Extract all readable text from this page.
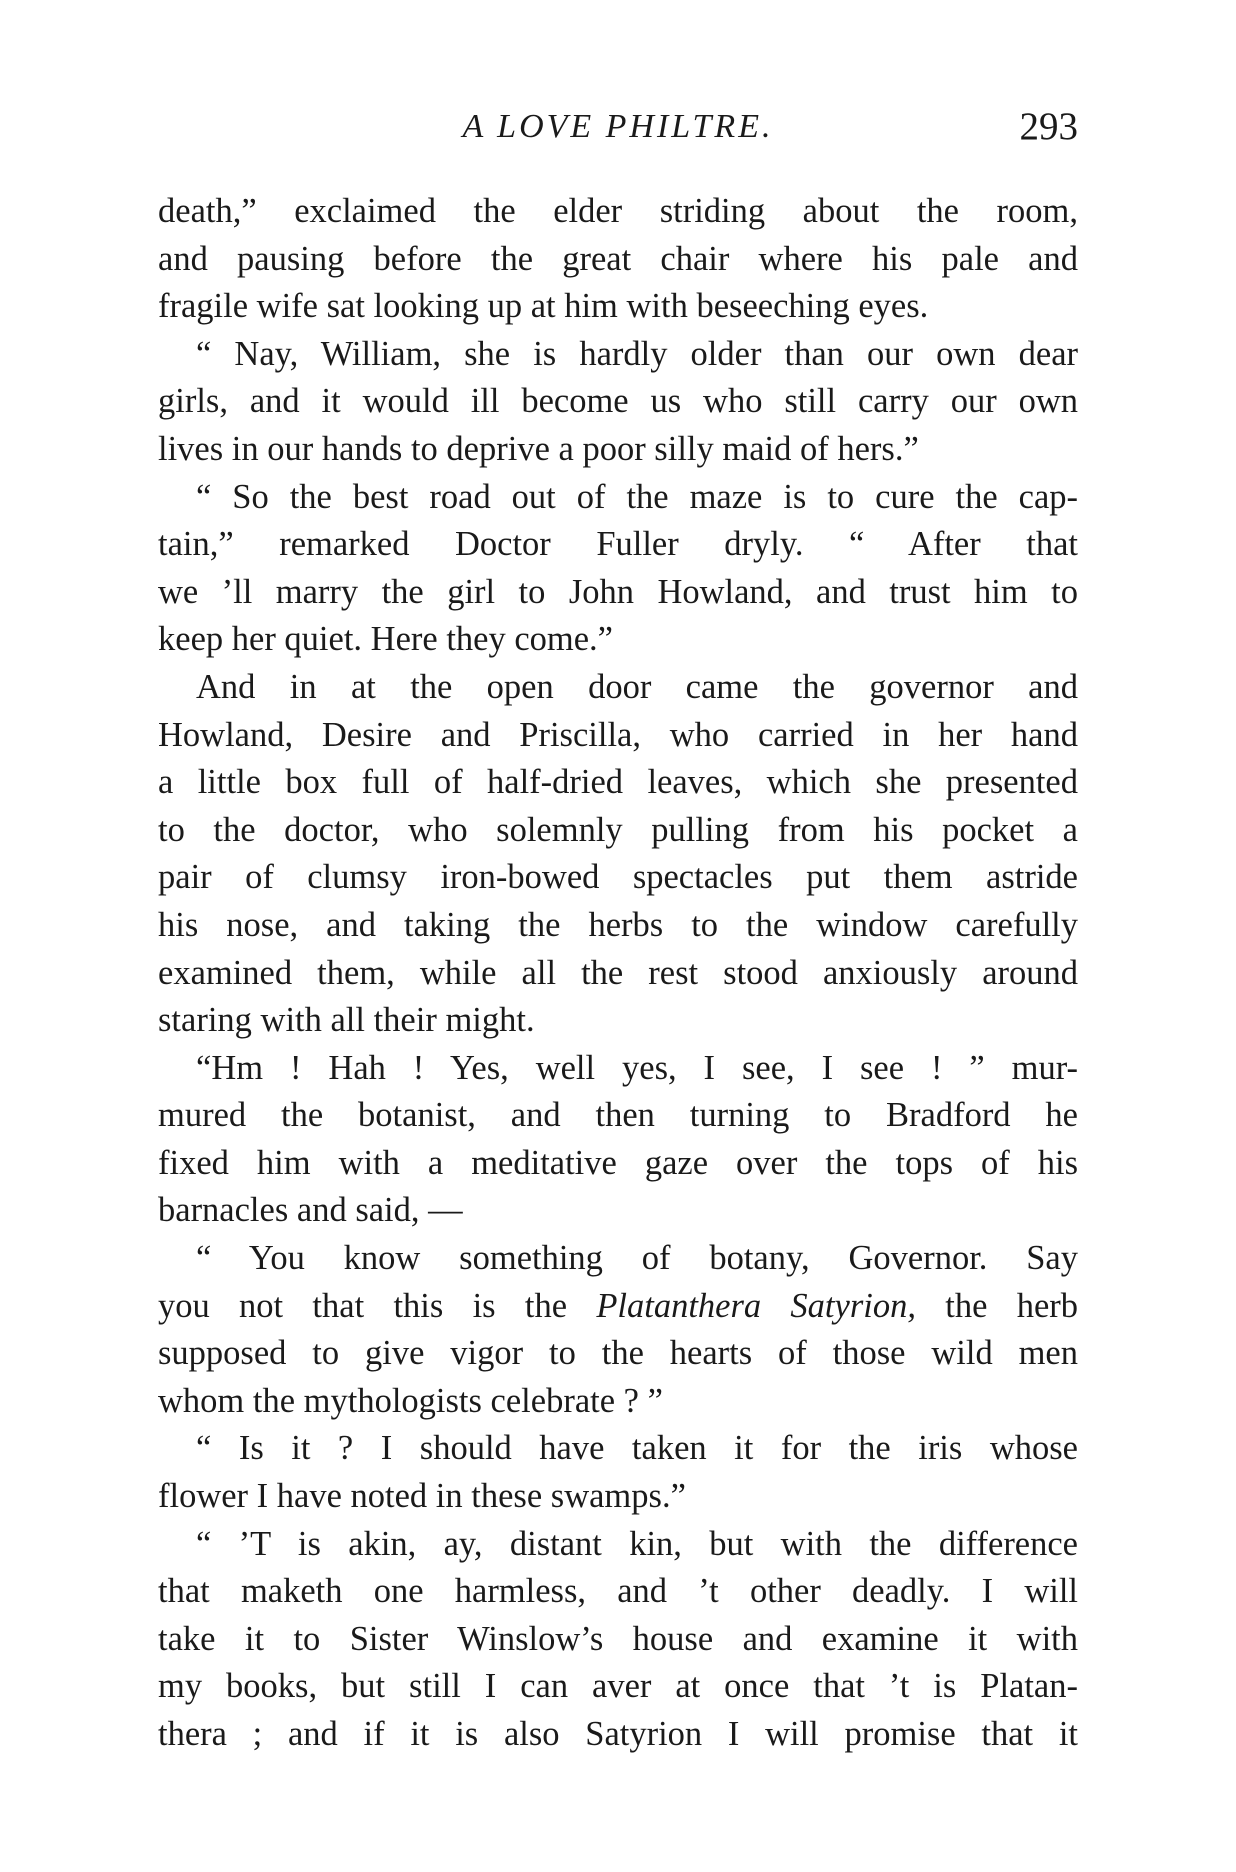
A LOVE PHILTRE.	293

death,” exclaimed the elder striding about the room,

and pausing before the great chair where his pale and

fragile wife sat looking up at him with beseeching eyes.

“ Nay, William, she is hardly older than our own dear

girls, and it would ill become us who still carry our own

lives in our hands to deprive a poor silly maid of hers.”

“ So the best road out of the maze is to cure the cap-

tain,” remarked Doctor Fuller dryly. “ After that

we ’ll marry the girl to John Howland, and trust him to

keep her quiet. Here they come.”

And in at the open door came the governor and

Howland, Desire and Priscilla, who carried in her hand

a little box full of half-dried leaves, which she presented

to the doctor, who solemnly pulling from his pocket a

pair of clumsy iron-bowed spectacles put them astride

his nose, and taking the herbs to the window carefully

examined them, while all the rest stood anxiously around

staring with all their might.

“Hm ! Hah ! Yes, well yes, I see, I see ! ” mur-

mured the botanist, and then turning to Bradford he

fixed him with a meditative gaze over the tops of his

barnacles and said, —

“ You know something of botany, Governor. Say

you not that this is the Platanthera Satyrion, the herb

supposed to give vigor to the hearts of those wild men

whom the mythologists celebrate ? ”

“ Is it ? I should have taken it for the iris whose

flower I have noted in these swamps.”

“ ’T is akin, ay, distant kin, but with the difference

that maketh one harmless, and ’t other deadly. I will

take it to Sister Winslow’s house and examine it with

my books, but still I can aver at once that ’t is Platan-

thera ; and if it is also Satyrion I will promise that it
